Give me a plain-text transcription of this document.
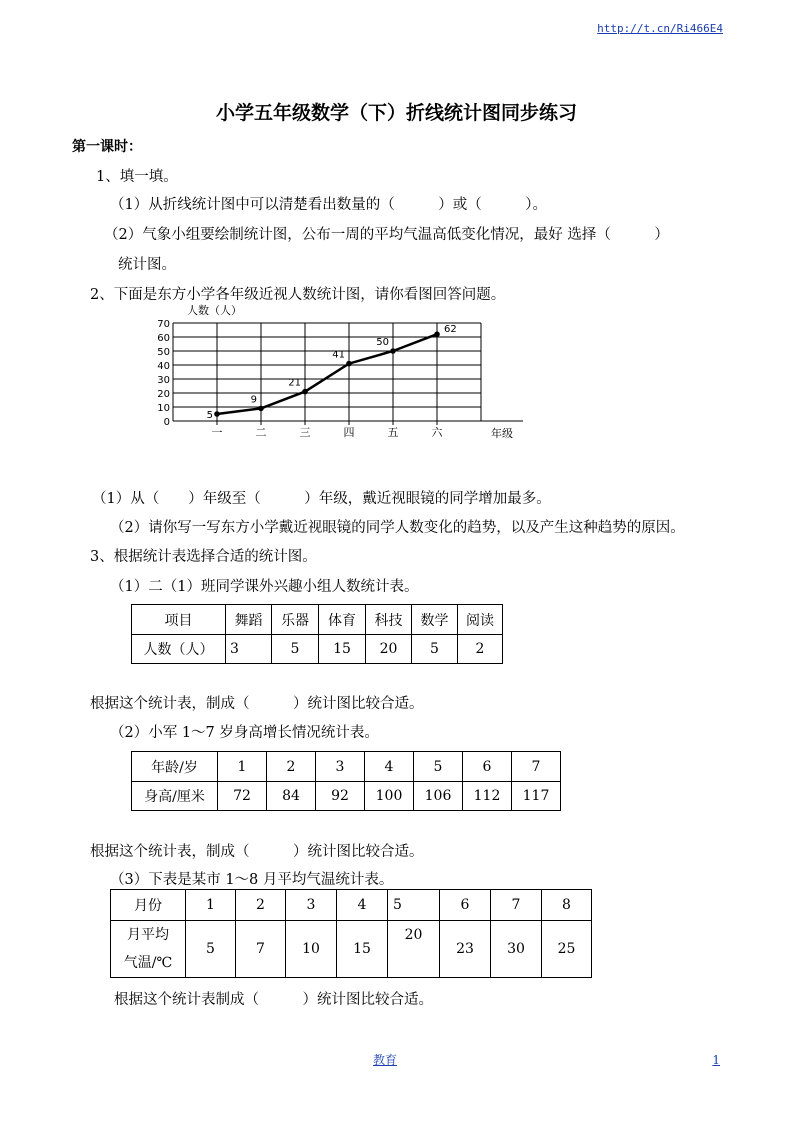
http://t.cn/Ri466E4
小学五年级数学（下）折线统计图同步练习
第一课时：
1、填一填。
（1）从折线统计图中可以清楚看出数量的（　　　）或（　　　）。
（2）气象小组要绘制统计图，公布一周的平均气温高低变化情况，最好 选择（　　　）
统计图。
2、下面是东方小学各年级近视人数统计图，请你看图回答问题。
0
10
20
30
40
50
60
70
一	二	三	四	五	六
5
9
21
41
50
62
人数（人）
年级
（1）从（　　）年级至（　　　）年级，戴近视眼镜的同学增加最多。
（2）请你写一写东方小学戴近视眼镜的同学人数变化的趋势，以及产生这种趋势的原因。
3、根据统计表选择合适的统计图。
（1）二（1）班同学课外兴趣小组人数统计表。
项目	舞蹈	乐器	体育	科技	数学	阅读
人数（人）	3	5	15	20	5	2
根据这个统计表，制成（　　　）统计图比较合适。
（2）小军 1～7 岁身高增长情况统计表。
年龄/岁	1	2	3	4	5	6	7
身高/厘米	72	84	92	100	106	112	117
根据这个统计表，制成（　　　）统计图比较合适。
（3）下表是某市 1～8 月平均气温统计表。
月份	1	2	3	4	5	6	7	8

月平均
气温/℃	5	7	10	15	20	23	30	25
根据这个统计表制成（　　　）统计图比较合适。
教育	1
